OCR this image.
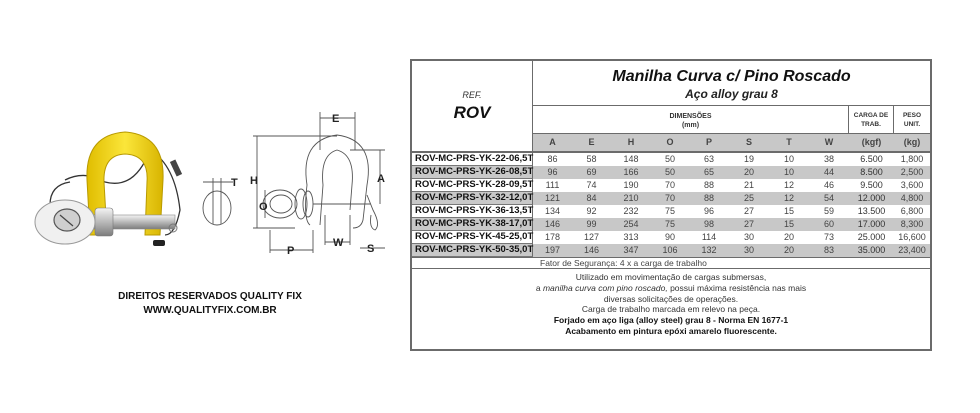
E
H	A
T
O
P
W S
DIREITOS RESERVADOS QUALITY FIX
WWW.QUALITYFIX.COM.BR
REF.
ROV
Manilha Curva c/ Pino Roscado
Aço alloy grau 8
DIMENSÕES
(mm)
CARGA DE
TRAB.
PESO
UNIT.
A	E	H	O	P	S	T	W	(kgf)	(kg)
ROV-MC-PRS-YK-22-06,5T	86	58	148	50	63	19	10	38	6.500	1,800
ROV-MC-PRS-YK-26-08,5T	96	69	166	50	65	20	10	44	8.500	2,500
ROV-MC-PRS-YK-28-09,5T	111	74	190	70	88	21	12	46	9.500	3,600
ROV-MC-PRS-YK-32-12,0T	121	84	210	70	88	25	12	54	12.000	4,800
ROV-MC-PRS-YK-36-13,5T	134	92	232	75	96	27	15	59	13.500	6,800
ROV-MC-PRS-YK-38-17,0T	146	99	254	75	98	27	15	60	17.000	8,300
ROV-MC-PRS-YK-45-25,0T	178	127	313	90	114	30	20	73	25.000	16,600
ROV-MC-PRS-YK-50-35,0T	197	146	347	106	132	30	20	83	35.000	23,400
Fator de Segurança: 4 x a carga de trabalho
Utilizado em movimentação de cargas submersas,
a manilha curva com pino roscado, possui máxima resistência nas mais
diversas solicitações de operações.
Carga de trabalho marcada em relevo na peça.
Forjado em aço liga (alloy steel) grau 8 - Norma EN 1677-1
Acabamento em pintura epóxi amarelo fluorescente.
